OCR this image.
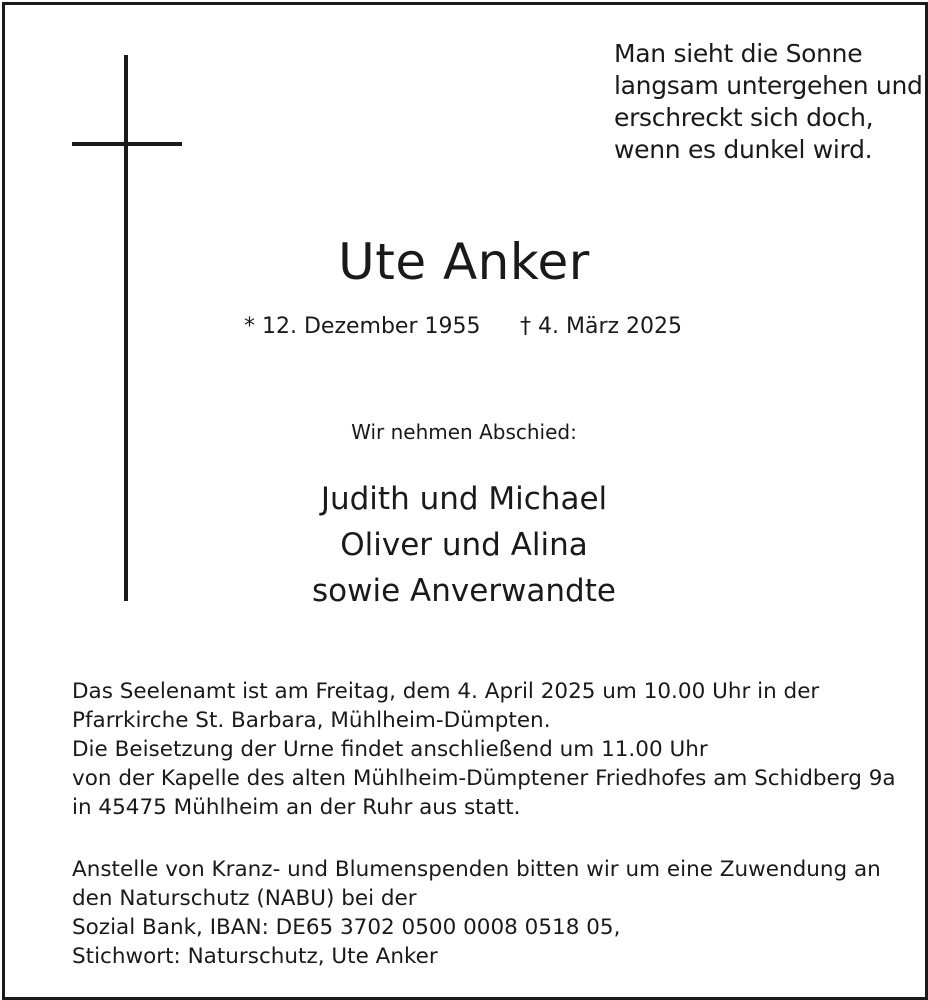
Man sieht die Sonne
langsam untergehen und
erschreckt sich doch,
wenn es dunkel wird.
Ute Anker
* 12. Dezember 1955 † 4. März 2025
Wir nehmen Abschied:
Judith und Michael
Oliver und Alina
sowie Anverwandte
Das Seelenamt ist am Freitag, dem 4. April 2025 um 10.00 Uhr in der
Pfarrkirche St. Barbara, Mühlheim-Dümpten.
Die Beisetzung der Urne findet anschließend um 11.00 Uhr
von der Kapelle des alten Mühlheim-Dümptener Friedhofes am Schidberg 9a
in 45475 Mühlheim an der Ruhr aus statt.
Anstelle von Kranz- und Blumenspenden bitten wir um eine Zuwendung an
den Naturschutz (NABU) bei der
Sozial Bank, IBAN: DE65 3702 0500 0008 0518 05,
Stichwort: Naturschutz, Ute Anker
